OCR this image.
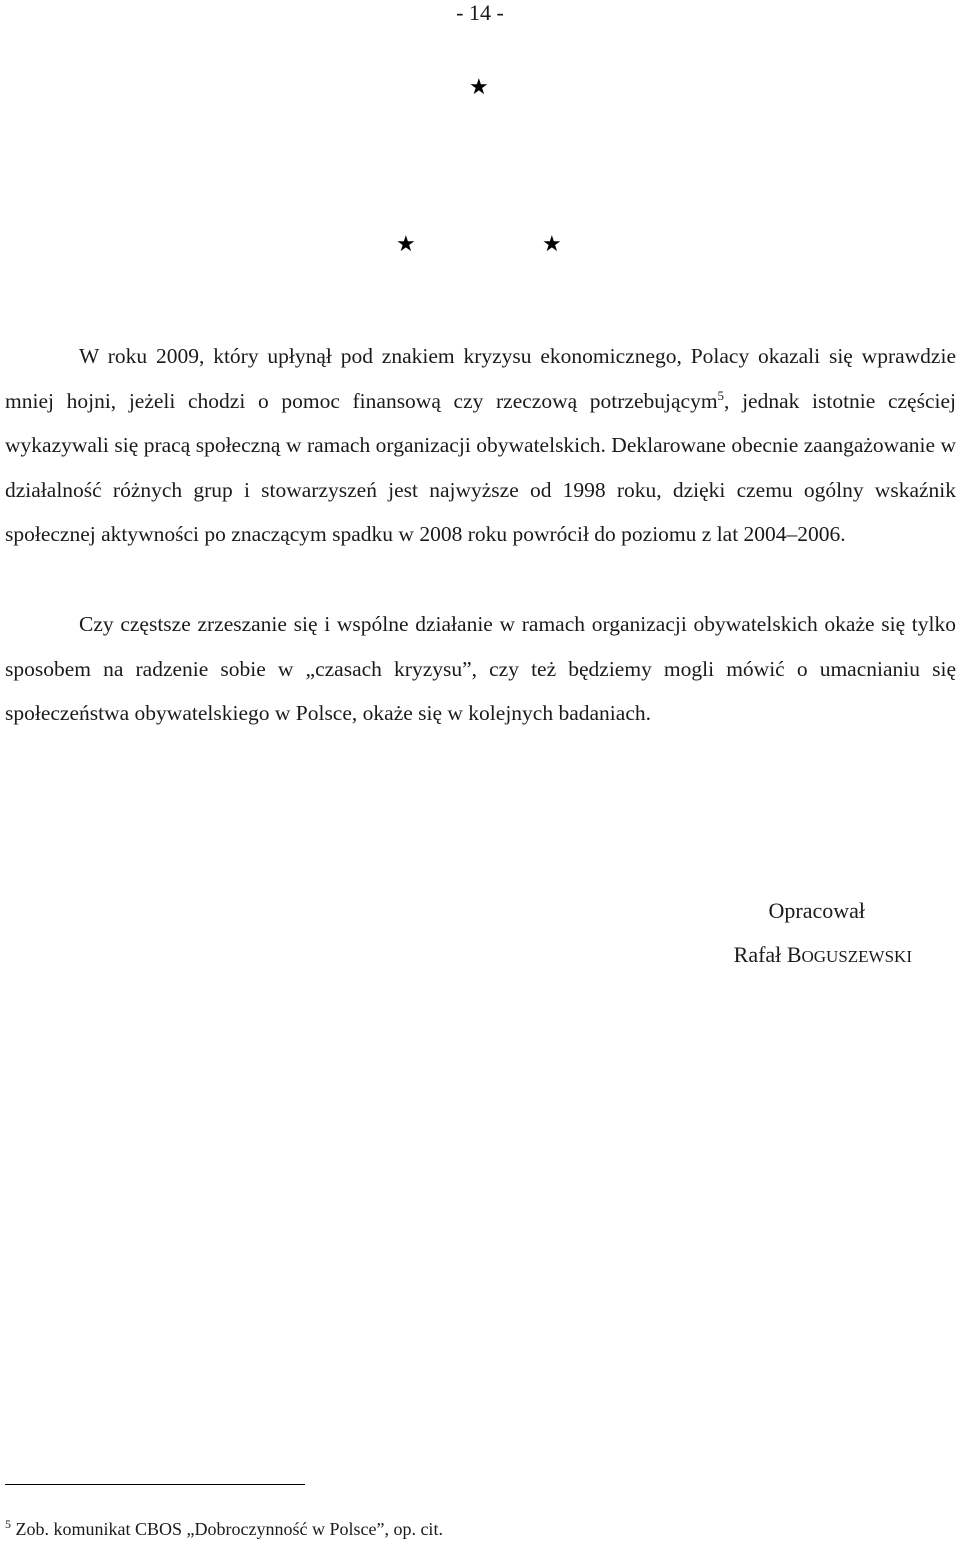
- 14 -
★
★	★

W roku 2009, który upłynął pod znakiem kryzysu ekonomicznego, Polacy okazali się wprawdzie mniej hojni, jeżeli chodzi o pomoc finansową czy rzeczową potrzebującym$^5$, jednak istotnie częściej wykazywali się pracą społeczną w ramach organizacji obywatelskich. Deklarowane obecnie zaangażowanie w działalność różnych grup i stowarzyszeń jest najwyższe od 1998 roku, dzięki czemu ogólny wskaźnik społecznej aktywności po znaczącym spadku w 2008 roku powrócił do poziomu z lat 2004–2006.

Czy częstsze zrzeszanie się i wspólne działanie w ramach organizacji obywatelskich okaże się tylko sposobem na radzenie sobie w „czasach kryzysu”, czy też będziemy mogli mówić o umacnianiu się społeczeństwa obywatelskiego w Polsce, okaże się w kolejnych badaniach.

Opracował
Rafał BOGUSZEWSKI
$^5$ Zob. komunikat CBOS „Dobroczynność w Polsce”, op. cit.
